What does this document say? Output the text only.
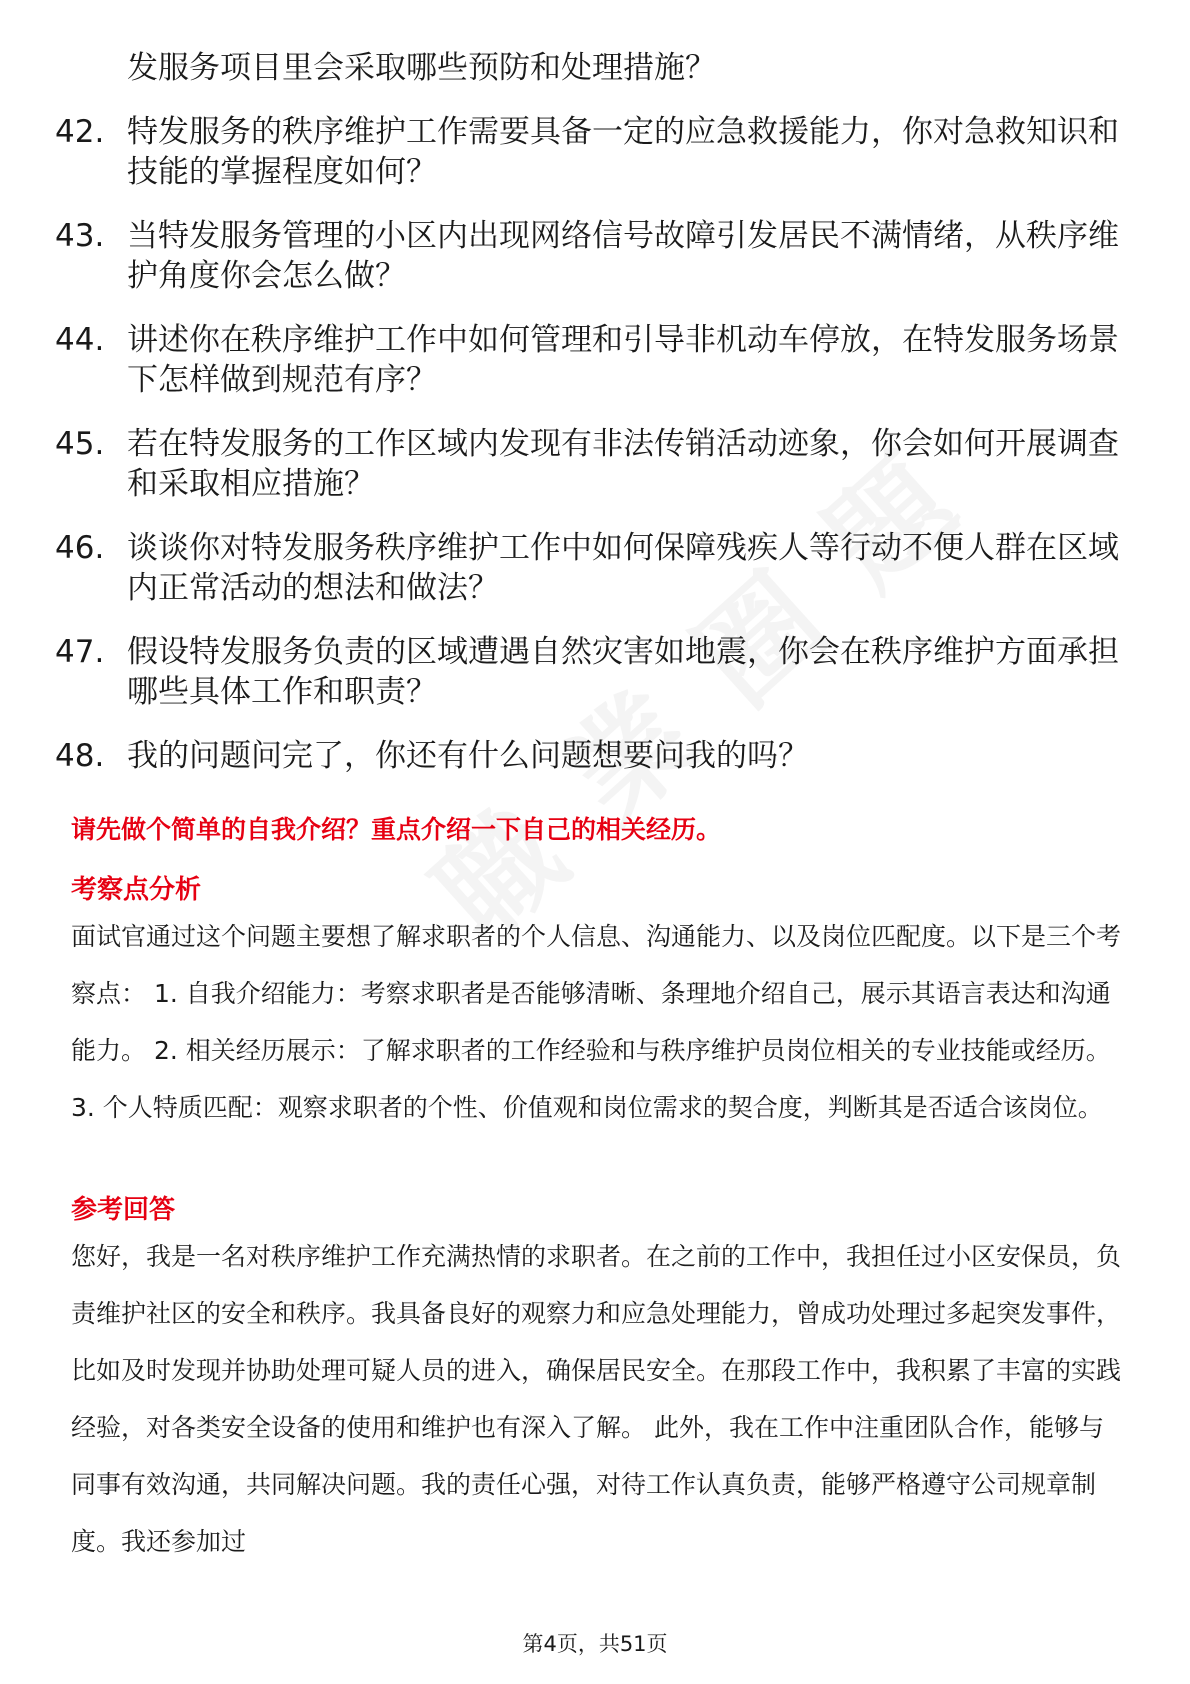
发服务项目里会采取哪些预防和处理措施？

42. 特发服务的秩序维护工作需要具备一定的应急救援能力，你对急救知识和技能的掌握程度如何？
43. 当特发服务管理的小区内出现网络信号故障引发居民不满情绪，从秩序维护角度你会怎么做？
44. 讲述你在秩序维护工作中如何管理和引导非机动车停放，在特发服务场景下怎样做到规范有序？
45. 若在特发服务的工作区域内发现有非法传销活动迹象，你会如何开展调查和采取相应措施？
46. 谈谈你对特发服务秩序维护工作中如何保障残疾人等行动不便人群在区域内正常活动的想法和做法？
47. 假设特发服务负责的区域遭遇自然灾害如地震，你会在秩序维护方面承担哪些具体工作和职责？
48. 我的问题问完了，你还有什么问题想要问我的吗？

请先做个简单的自我介绍？重点介绍一下自己的相关经历。

考察点分析

面试官通过这个问题主要想了解求职者的个人信息、沟通能力、以及岗位匹配度。以下是三个考察点： 1. 自我介绍能力：考察求职者是否能够清晰、条理地介绍自己，展示其语言表达和沟通能力。 2. 相关经历展示：了解求职者的工作经验和与秩序维护员岗位相关的专业技能或经历。 3. 个人特质匹配：观察求职者的个性、价值观和岗位需求的契合度，判断其是否适合该岗位。

参考回答

您好，我是一名对秩序维护工作充满热情的求职者。在之前的工作中，我担任过小区安保员，负责维护社区的安全和秩序。我具备良好的观察力和应急处理能力，曾成功处理过多起突发事件，比如及时发现并协助处理可疑人员的进入，确保居民安全。在那段工作中，我积累了丰富的实践经验，对各类安全设备的使用和维护也有深入了解。 此外，我在工作中注重团队合作，能够与同事有效沟通，共同解决问题。我的责任心强，对待工作认真负责，能够严格遵守公司规章制度。我还参加过

第4页，共51页
